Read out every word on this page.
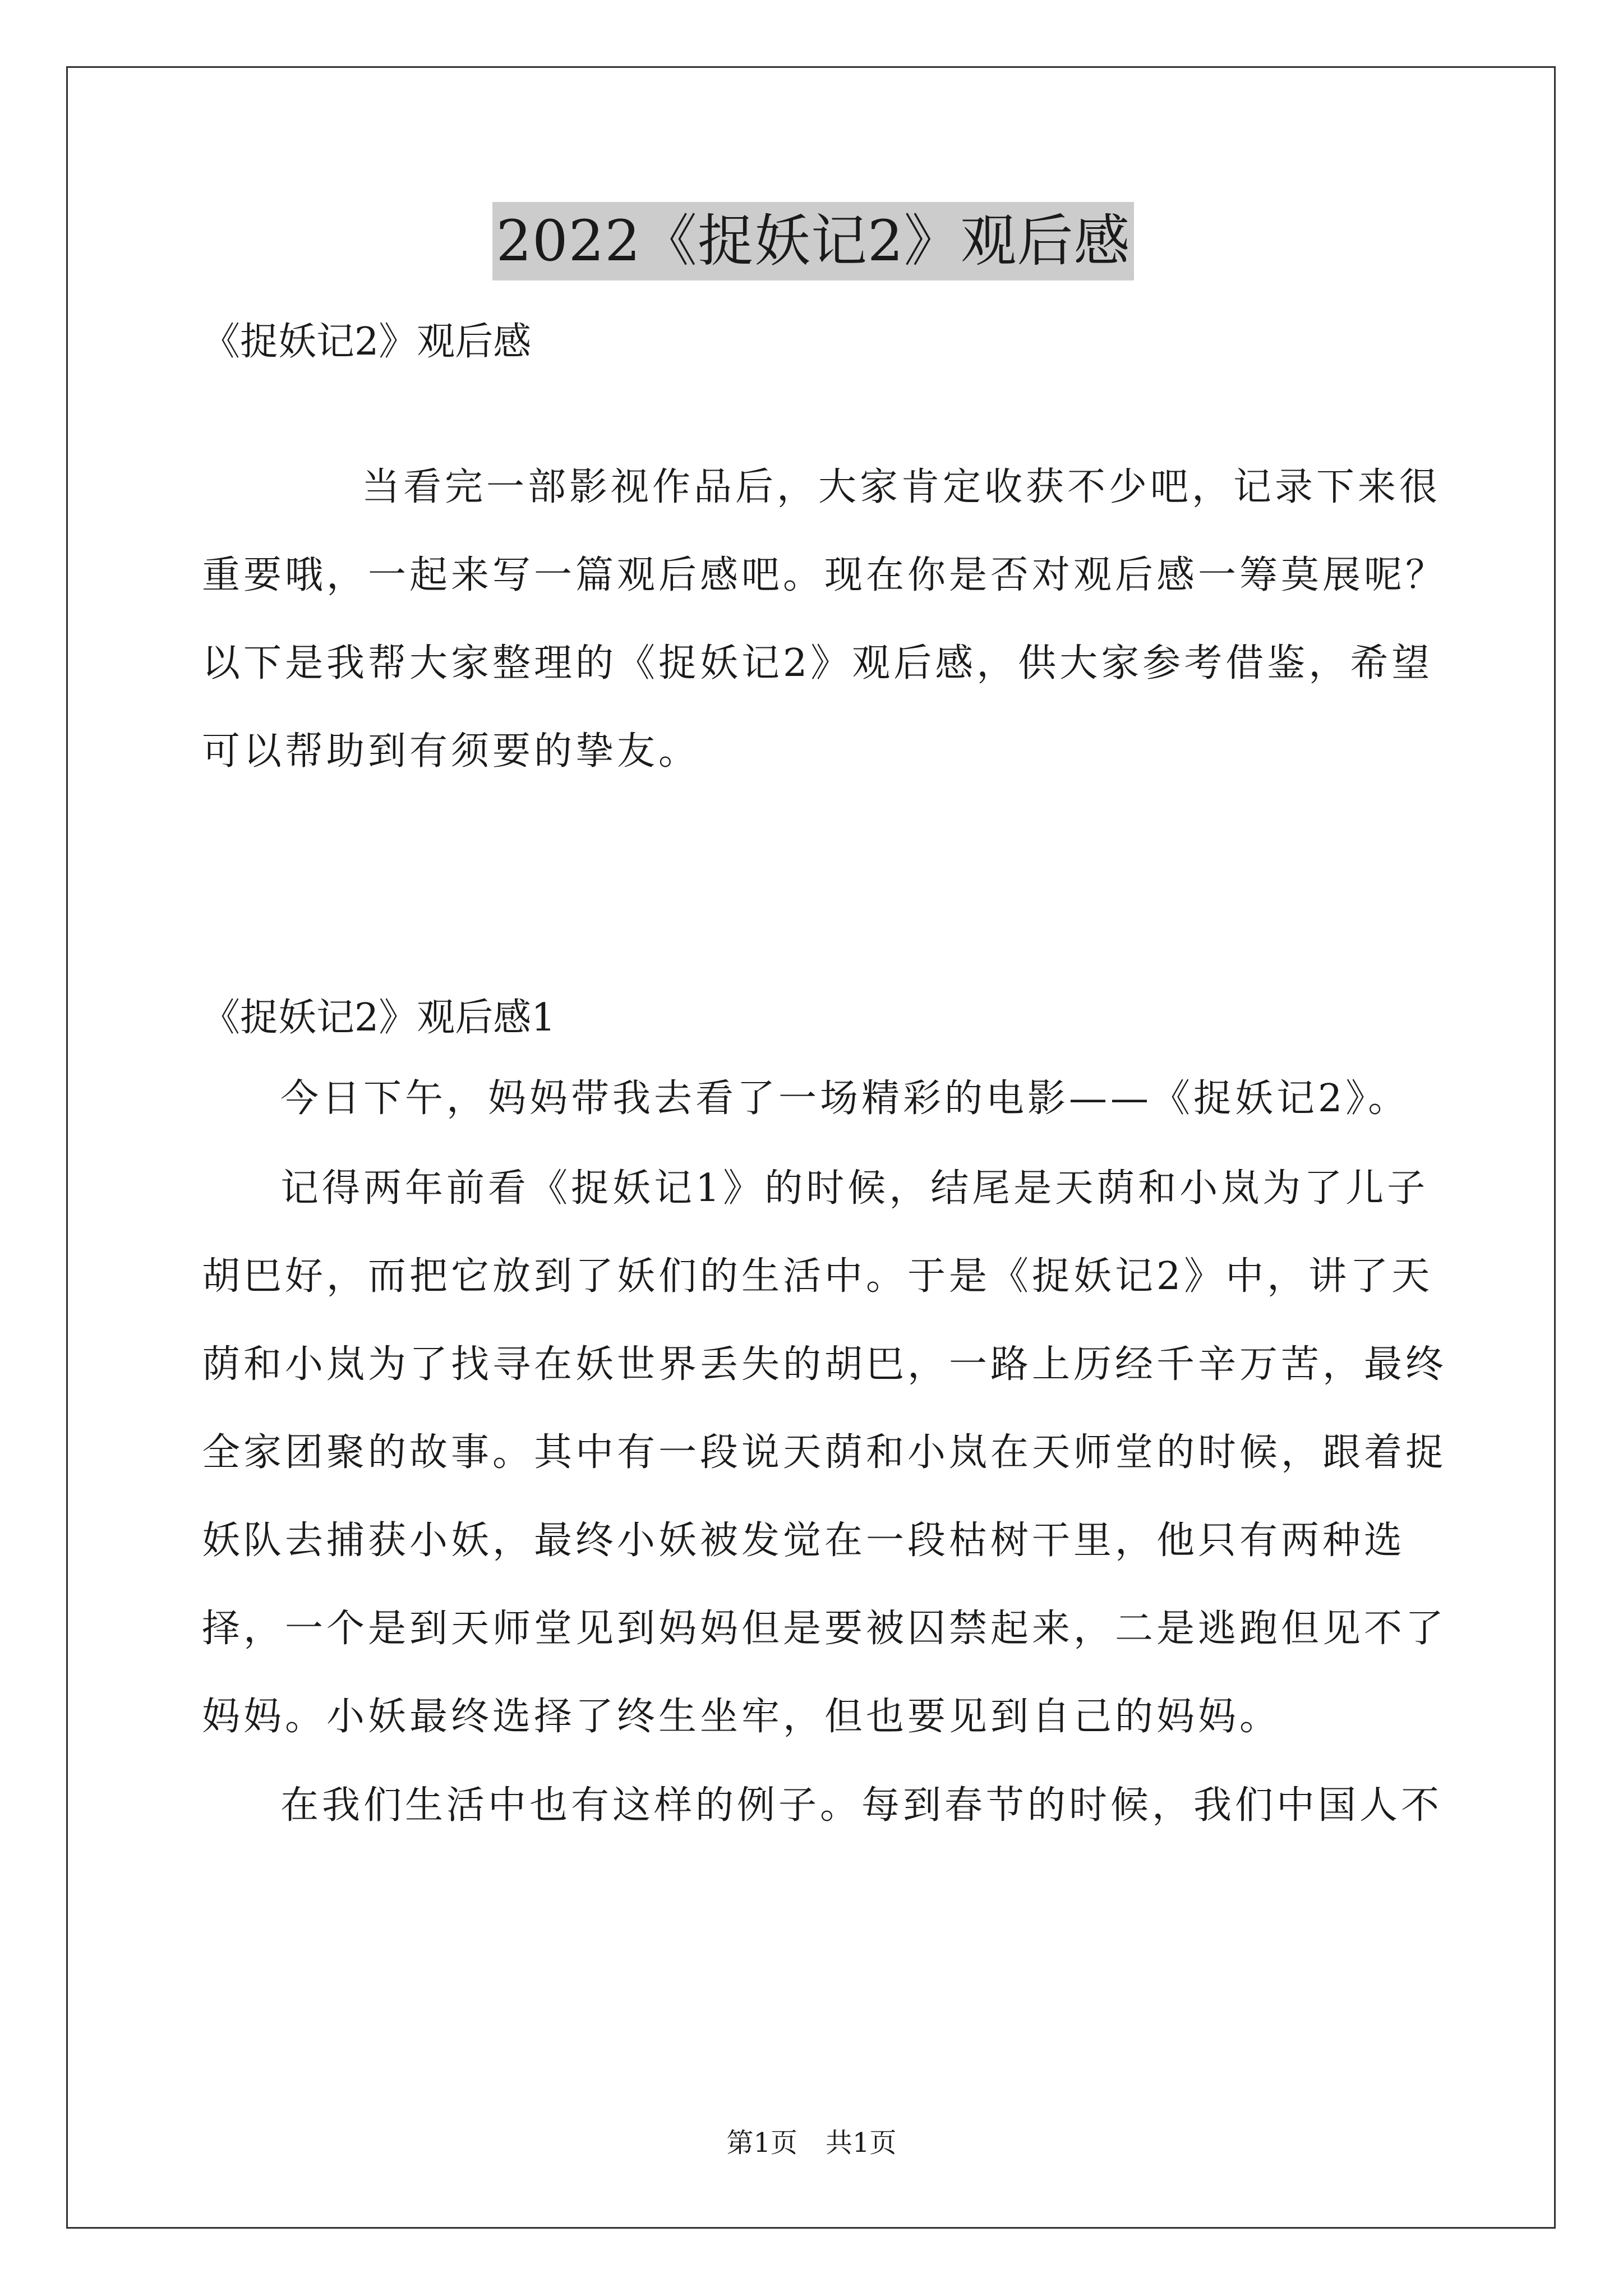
2022《捉妖记2》观后感

《捉妖记2》观后感

当看完一部影视作品后，大家肯定收获不少吧，记录下来很重要哦，一起来写一篇观后感吧。现在你是否对观后感一筹莫展呢？以下是我帮大家整理的《捉妖记2》观后感，供大家参考借鉴，希望可以帮助到有须要的挚友。

《捉妖记2》观后感1

今日下午，妈妈带我去看了一场精彩的电影——《捉妖记2》。

记得两年前看《捉妖记1》的时候，结尾是天荫和小岚为了儿子胡巴好，而把它放到了妖们的生活中。于是《捉妖记2》中，讲了天荫和小岚为了找寻在妖世界丢失的胡巴，一路上历经千辛万苦，最终全家团聚的故事。其中有一段说天荫和小岚在天师堂的时候，跟着捉妖队去捕获小妖，最终小妖被发觉在一段枯树干里，他只有两种选择，一个是到天师堂见到妈妈但是要被囚禁起来，二是逃跑但见不了妈妈。小妖最终选择了终生坐牢，但也要见到自己的妈妈。

在我们生活中也有这样的例子。每到春节的时候，我们中国人不

第1页 共1页
